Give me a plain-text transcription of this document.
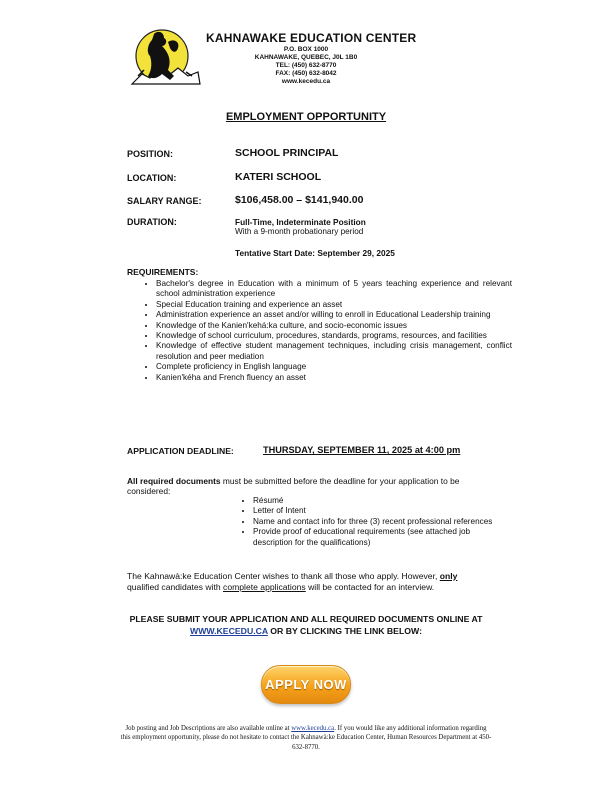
KAHNAWAKE EDUCATION CENTER
P.O. BOX 1000
KAHNAWAKE, QUEBEC, J0L 1B0
TEL: (450) 632-8770
FAX: (450) 632-8042
www.kecedu.ca
EMPLOYMENT OPPORTUNITY
POSITION:	SCHOOL PRINCIPAL
LOCATION:	KATERI SCHOOL
SALARY RANGE:	$106,458.00 – $141,940.00
DURATION:	Full-Time, Indeterminate Position
With a 9-month probationary period
Tentative Start Date: September 29, 2025
REQUIREMENTS:
• Bachelor's degree in Education with a minimum of 5 years teaching experience and relevant school administration experience
• Special Education training and experience an asset
• Administration experience an asset and/or willing to enroll in Educational Leadership training
• Knowledge of the Kanien'kehá:ka culture, and socio-economic issues
• Knowledge of school curriculum, procedures, standards, programs, resources, and facilities
• Knowledge of effective student management techniques, including crisis management, conflict resolution and peer mediation
• Complete proficiency in English language
• Kanien'kéha and French fluency an asset
APPLICATION DEADLINE:	THURSDAY, SEPTEMBER 11, 2025 at 4:00 pm
All required documents must be submitted before the deadline for your application to be considered:
• Résumé
• Letter of Intent
• Name and contact info for three (3) recent professional references
• Provide proof of educational requirements (see attached job description for the qualifications)
The Kahnawà:ke Education Center wishes to thank all those who apply. However, only qualified candidates with complete applications will be contacted for an interview.
PLEASE SUBMIT YOUR APPLICATION AND ALL REQUIRED DOCUMENTS ONLINE AT
WWW.KECEDU.CA OR BY CLICKING THE LINK BELOW:
APPLY NOW
Job posting and Job Descriptions are also available online at www.kecedu.ca. If you would like any additional information regarding this employment opportunity, please do not hesitate to contact the Kahnawà:ke Education Center, Human Resources Department at 450-632-8770.
